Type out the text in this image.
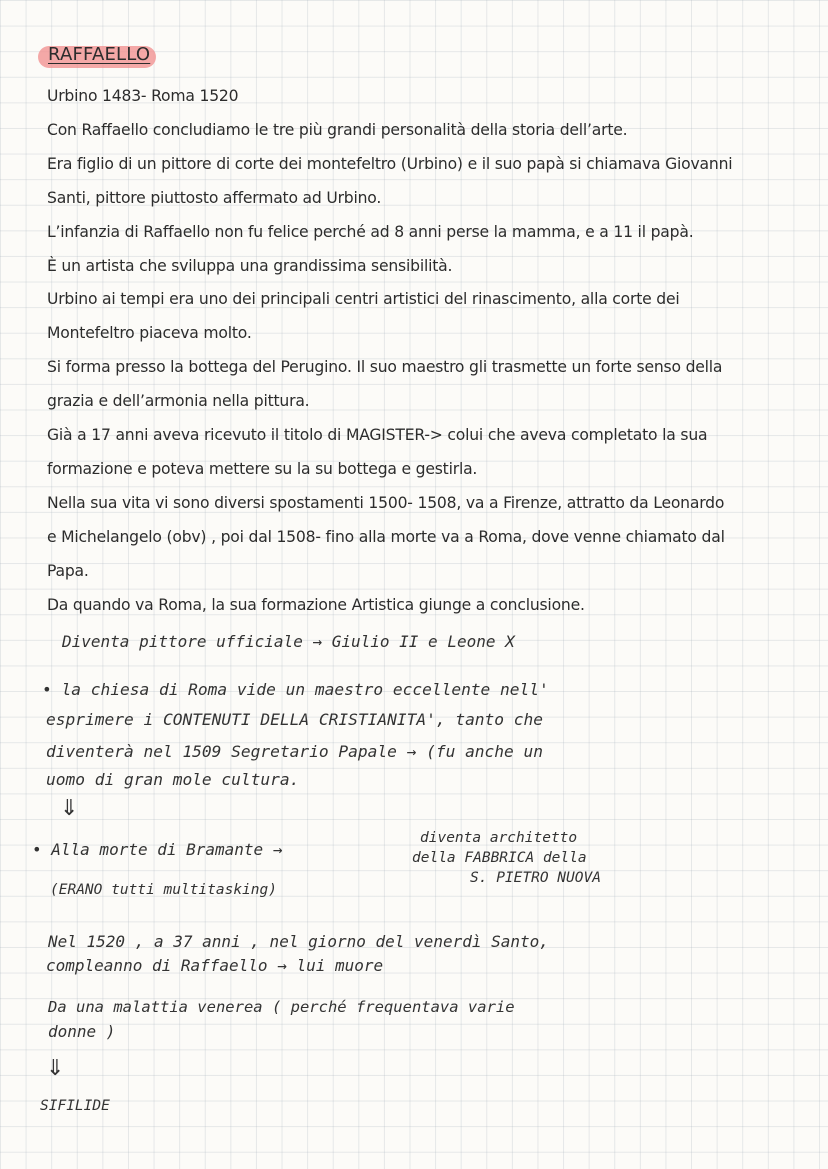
RAFFAELLO

Urbino 1483- Roma 1520

Con Raffaello concludiamo le tre più grandi personalità della storia dell’arte.

Era figlio di un pittore di corte dei montefeltro (Urbino) e il suo papà si chiamava Giovanni

Santi, pittore piuttosto affermato ad Urbino.

L’infanzia di Raffaello non fu felice perché ad 8 anni perse la mamma, e a 11 il papà.

È un artista che sviluppa una grandissima sensibilità.

Urbino ai tempi era uno dei principali centri artistici del rinascimento, alla corte dei

Montefeltro piaceva molto.

Si forma presso la bottega del Perugino. Il suo maestro gli trasmette un forte senso della

grazia e dell’armonia nella pittura.

Già a 17 anni aveva ricevuto il titolo di MAGISTER-> colui che aveva completato la sua

formazione e poteva mettere su la su bottega e gestirla.

Nella sua vita vi sono diversi spostamenti 1500- 1508, va a Firenze, attratto da Leonardo

e Michelangelo (obv) , poi dal 1508- fino alla morte va a Roma, dove venne chiamato dal

Papa.

Da quando va Roma, la sua formazione Artistica giunge a conclusione.

Diventa pittore ufficiale → Giulio II e Leone X

• la chiesa di Roma vide un maestro eccellente nell'

esprimere i CONTENUTI DELLA CRISTIANITA', tanto che

diventerà nel 1509 Segretario Papale → (fu anche un

uomo di gran mole cultura.

⇓

• Alla morte di Bramante →

diventa architetto

della FABBRICA della

S. PIETRO NUOVA

(ERANO tutti multitasking)

Nel 1520 , a 37 anni , nel giorno del venerdì Santo,

compleanno di Raffaello → lui muore

Da una malattia venerea ( perché frequentava varie

donne )

⇓

SIFILIDE
